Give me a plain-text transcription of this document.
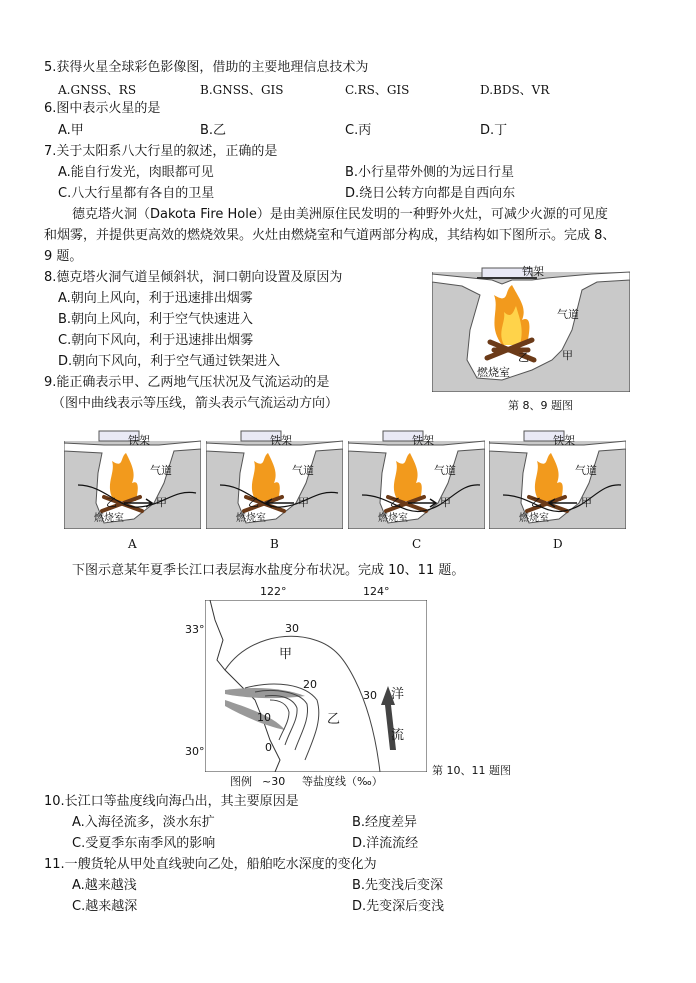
5.获得火星全球彩色影像图，借助的主要地理信息技术为
A.GNSS、RS	B.GNSS、GIS	C.RS、GIS	D.BDS、VR
6.图中表示火星的是
A.甲	B.乙	C.丙	D.丁
7.关于太阳系八大行星的叙述，正确的是
A.能自行发光，肉眼都可见	B.小行星带外侧的为远日行星
C.八大行星都有各自的卫星	D.绕日公转方向都是自西向东
德克塔火洞（Dakota Fire Hole）是由美洲原住民发明的一种野外火灶，可减少火源的可见度
和烟雾，并提供更高效的燃烧效果。火灶由燃烧室和气道两部分构成，其结构如下图所示。完成 8、
9 题。
8.德克塔火洞气道呈倾斜状，洞口朝向设置及原因为
A.朝向上风向，利于迅速排出烟雾
B.朝向上风向，利于空气快速进入
C.朝向下风向，利于迅速排出烟雾
D.朝向下风向，利于空气通过铁架进入
9.能正确表示甲、乙两地气压状况及气流运动的是
（图中曲线表示等压线，箭头表示气流运动方向）
铁架
气道
乙	甲
燃烧室
第 8、9 题图
铁架
气道
乙	甲
燃烧室
A
铁架
气道
乙	甲
燃烧室
B
铁架
气道
乙	甲
燃烧室
C
铁架
气道
乙	甲
燃烧室
D
下图示意某年夏季长江口表层海水盐度分布状况。完成 10、11 题。
122°	124°
33°
30°
30
20
10
0
30
甲
乙
洋
流
图例 ~30 等盐度线（‰）
第 10、11 题图
10.长江口等盐度线向海凸出，其主要原因是
A.入海径流多，淡水东扩	B.经度差异
C.受夏季东南季风的影响	D.洋流流经
11.一艘货轮从甲处直线驶向乙处，船舶吃水深度的变化为
A.越来越浅	B.先变浅后变深
C.越来越深	D.先变深后变浅
